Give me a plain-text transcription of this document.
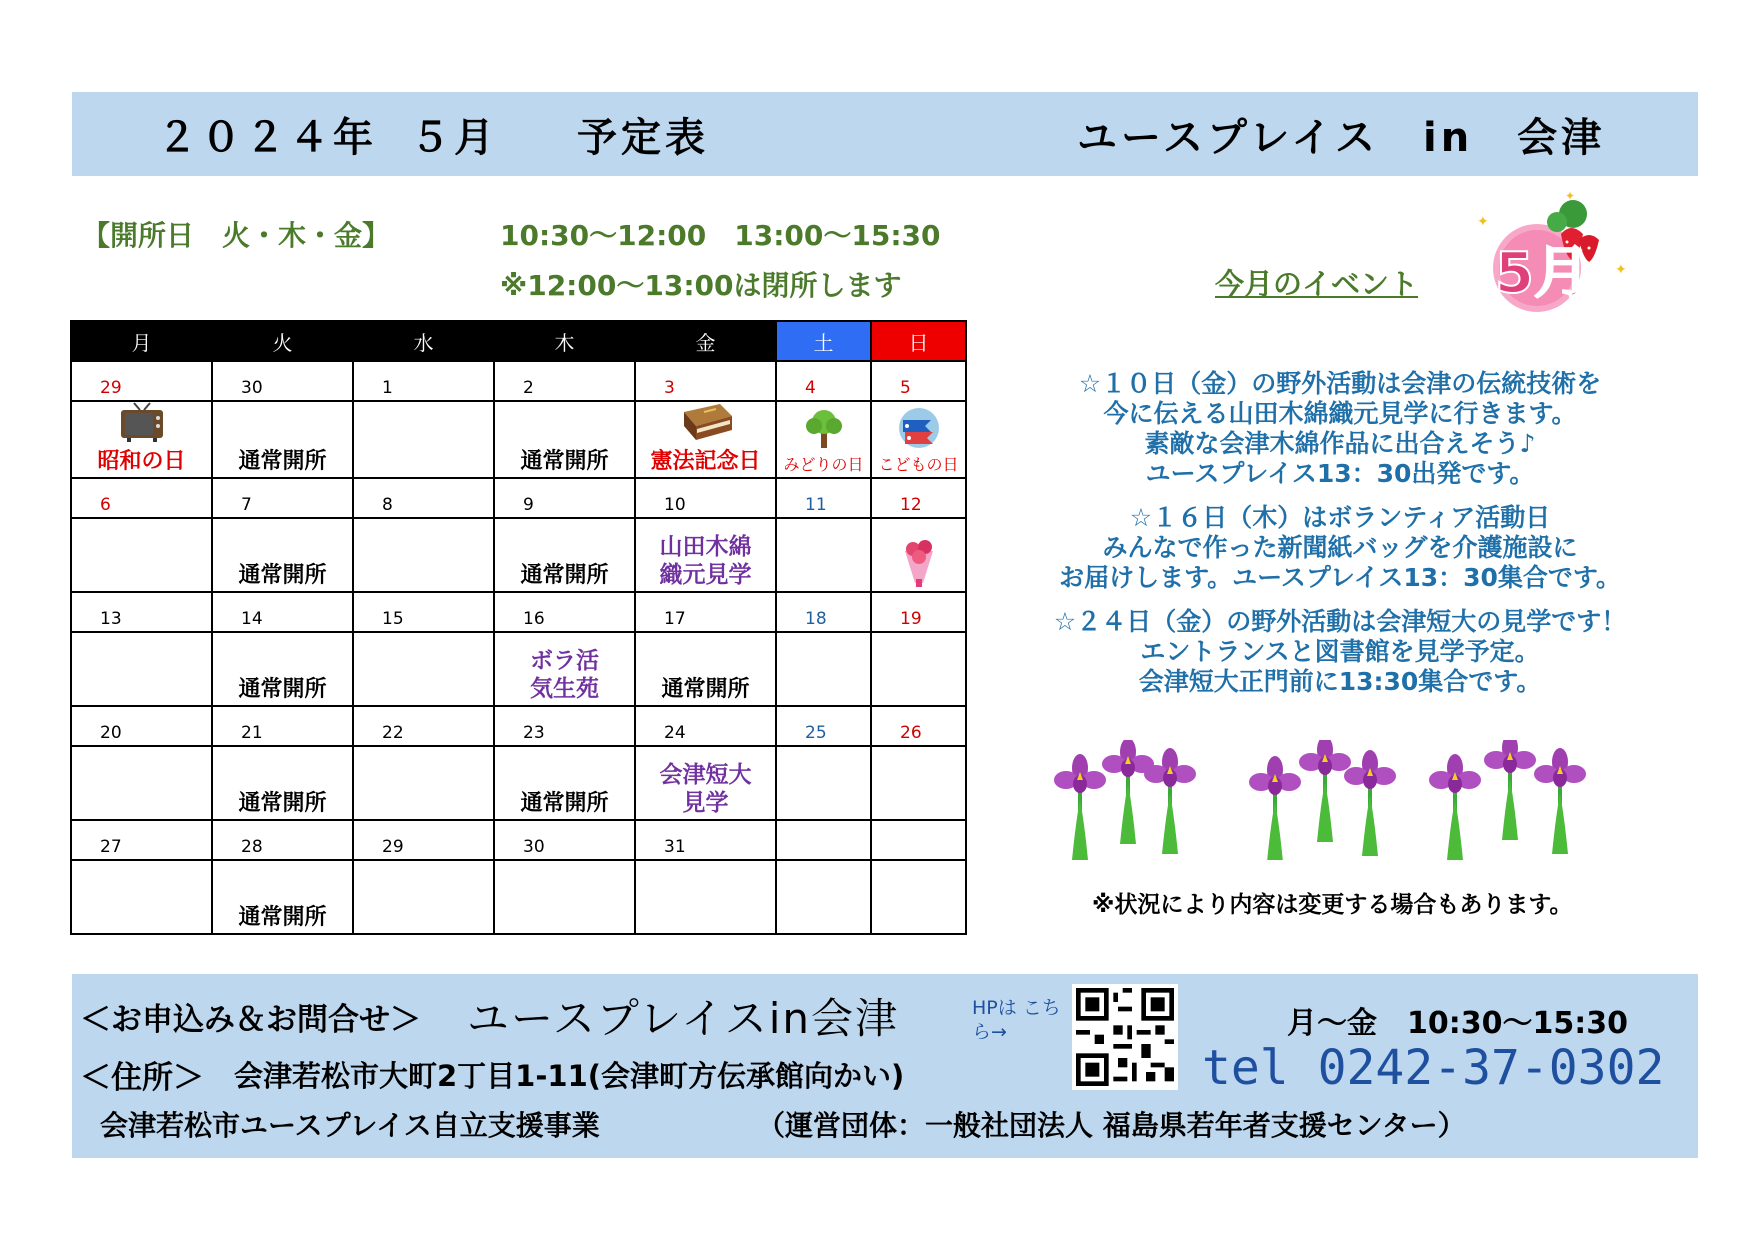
２０２４年 ５月 予定表	ユースプレイス　in　会津
【開所日　火・木・金】	10:30～12:00　13:00～15:30
※12:00～13:00は閉所します
月	火	水	木	金	土	日
29	30	1	2	3	4	5

昭和の日	通常開所		通常開所	憲法記念日	みどりの日	こどもの日

6	7	8	9	10	11	12

	通常開所		通常開所	山田木綿
織元見学

13	14	15	16	17	18	19

	通常開所		ボラ活
気生苑	通常開所		

20	21	22	23	24	25	26

	通常開所		通常開所	会津短大
見学		

27	28	29	30	31		

	通常開所					

今月のイベント
✦
✦
✦
5月

☆１０日（金）の野外活動は会津の伝統技術を
今に伝える山田木綿織元見学に行きます。
素敵な会津木綿作品に出合えそう♪
ユースプレイス13：30出発です。

☆１６日（木）はボランティア活動日
みんなで作った新聞紙バッグを介護施設に
お届けします。ユースプレイス13：30集合です。

☆２４日（金）の野外活動は会津短大の見学です！
エントランスと図書館を見学予定。
会津短大正門前に13:30集合です。

※状況により内容は変更する場合もあります。
＜お申込み＆お問合せ＞ ユースプレイスin会津	HPは こちら→	月～金　10:30～15:30
＜住所＞ 会津若松市大町2丁目1-11(会津町方伝承館向かい)	tel 0242-37-0302
会津若松市ユースプレイス自立支援事業	（運営団体：一般社団法人 福島県若年者支援センター）
